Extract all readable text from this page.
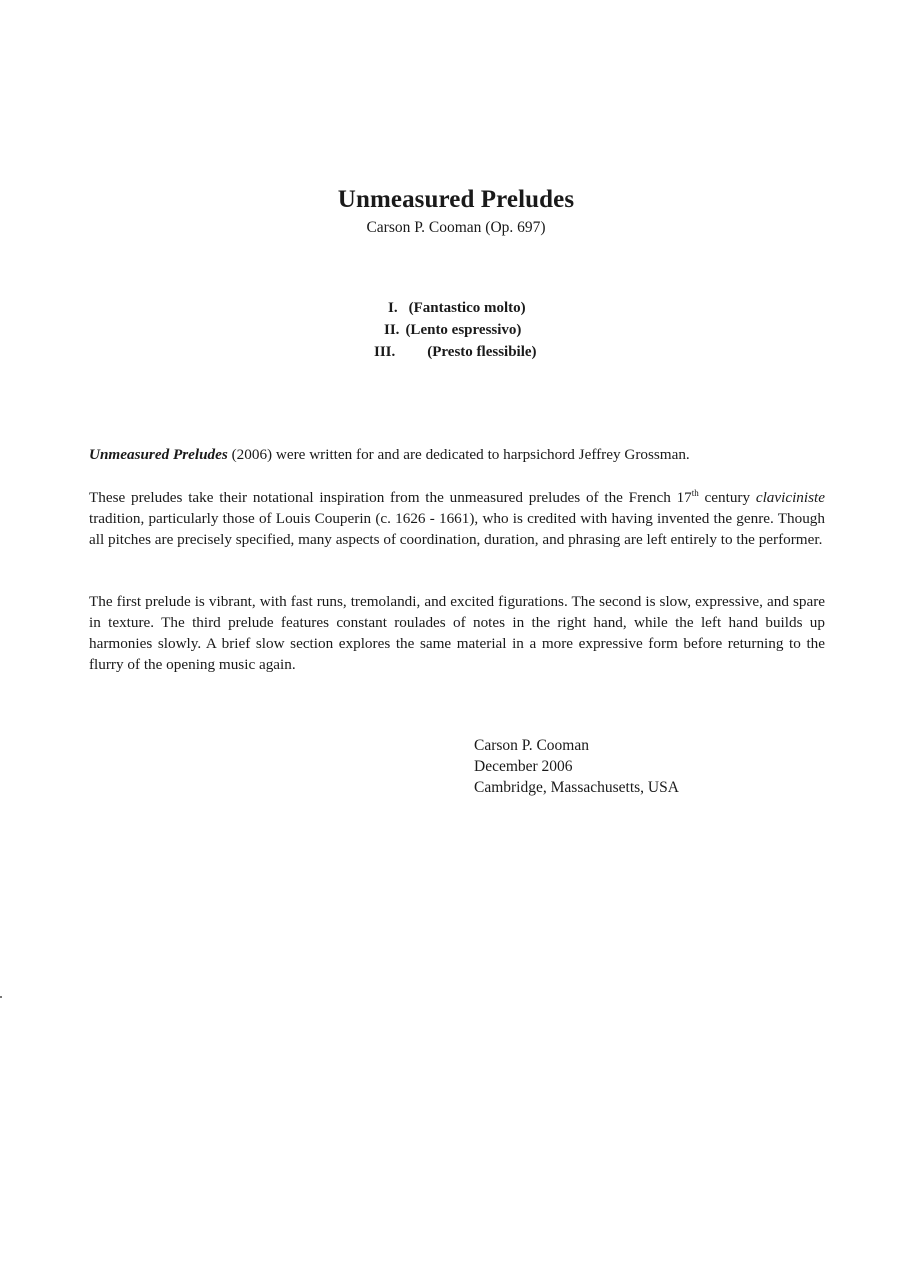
Unmeasured Preludes
Carson P. Cooman (Op. 697)
I. (Fantastico molto)
II. (Lento espressivo)
III. (Presto flessibile)
Unmeasured Preludes (2006) were written for and are dedicated to harpsichord Jeffrey Grossman.
These preludes take their notational inspiration from the unmeasured preludes of the French 17th century claviciniste tradition, particularly those of Louis Couperin (c. 1626 - 1661), who is credited with having invented the genre. Though all pitches are precisely specified, many aspects of coordination, duration, and phrasing are left entirely to the performer.
The first prelude is vibrant, with fast runs, tremolandi, and excited figurations. The second is slow, expressive, and spare in texture. The third prelude features constant roulades of notes in the right hand, while the left hand builds up harmonies slowly. A brief slow section explores the same material in a more expressive form before returning to the flurry of the opening music again.
Carson P. Cooman
December 2006
Cambridge, Massachusetts, USA
